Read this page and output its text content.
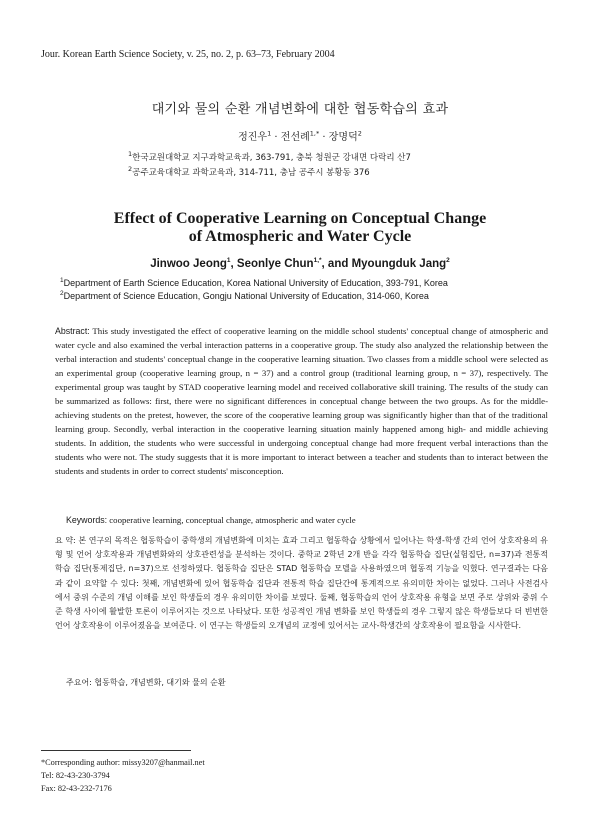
Jour. Korean Earth Science Society, v. 25, no. 2, p. 63–73, February 2004
대기와 물의 순환 개념변화에 대한 협동학습의 효과
정진우$^1$ · 전선례$^{1,*}$ · 장명덕$^2$
$^1$한국교원대학교 지구과학교육과, 363-791, 충북 청원군 강내면 다락리 산7
$^2$공주교육대학교 과학교육과, 314-711, 충남 공주시 봉황동 376
Effect of Cooperative Learning on Conceptual Change
of Atmospheric and Water Cycle
Jinwoo Jeong$^1$, Seonlye Chun$^{1,*}$, and Myoungduk Jang$^2$
$^1$Department of Earth Science Education, Korea National University of Education, 393-791, Korea
$^2$Department of Science Education, Gongju National University of Education, 314-060, Korea
Abstract: This study investigated the effect of cooperative learning on the middle school students' conceptual change of atmospheric and water cycle and also examined the verbal interaction patterns in a cooperative group. The study also analyzed the relationship between the verbal interaction and students' conceptual change in the cooperative learning situation. Two classes from a middle school were selected as an experimental group (cooperative learning group, n = 37) and a control group (traditional learning group, n = 37), respectively. The experimental group was taught by STAD cooperative learning model and received collaborative skill training. The results of the study can be summarized as follows: first, there were no significant differences in conceptual change between the two groups. As for the middle-achieving students on the pretest, however, the score of the cooperative learning group was significantly higher than that of the traditional learning group. Secondly, verbal interaction in the cooperative learning situation mainly happened among high- and middle achieving students. In addition, the students who were successful in undergoing conceptual change had more frequent verbal interactions than the students who were not. The study suggests that it is more important to interact between a teacher and students than to interact between the students and students in order to correct students' misconception.
Keywords: cooperative learning, conceptual change, atmospheric and water cycle
요 약: 본 연구의 목적은 협동학습이 중학생의 개념변화에 미치는 효과 그리고 협동학습 상황에서 일어나는 학생-학생 간의 언어 상호작용의 유형 및 언어 상호작용과 개념변화와의 상호관련성을 분석하는 것이다. 중학교 2학년 2개 반을 각각 협동학습 집단(실험집단, n=37)과 전통적 학습 집단(통제집단, n=37)으로 선정하였다. 협동학습 집단은 STAD 협동학습 모델을 사용하였으며 협동적 기능을 익혔다. 연구결과는 다음과 같이 요약할 수 있다: 첫째, 개념변화에 있어 협동학습 집단과 전통적 학습 집단간에 통계적으로 유의미한 차이는 없었다. 그러나 사전검사에서 중위 수준의 개념 이해를 보인 학생들의 경우 유의미한 차이를 보였다. 둘째, 협동학습의 언어 상호작용 유형을 보면 주로 상위와 중위 수준 학생 사이에 활발한 토론이 이루어지는 것으로 나타났다. 또한 성공적인 개념 변화를 보인 학생들의 경우 그렇지 않은 학생들보다 더 빈번한 언어 상호작용이 이루어졌음을 보여준다. 이 연구는 학생들의 오개념의 교정에 있어서는 교사-학생간의 상호작용이 필요함을 시사한다.
주요어: 협동학습, 개념변화, 대기와 물의 순환
*Corresponding author: missy3207@hanmail.net
Tel: 82-43-230-3794
Fax: 82-43-232-7176
